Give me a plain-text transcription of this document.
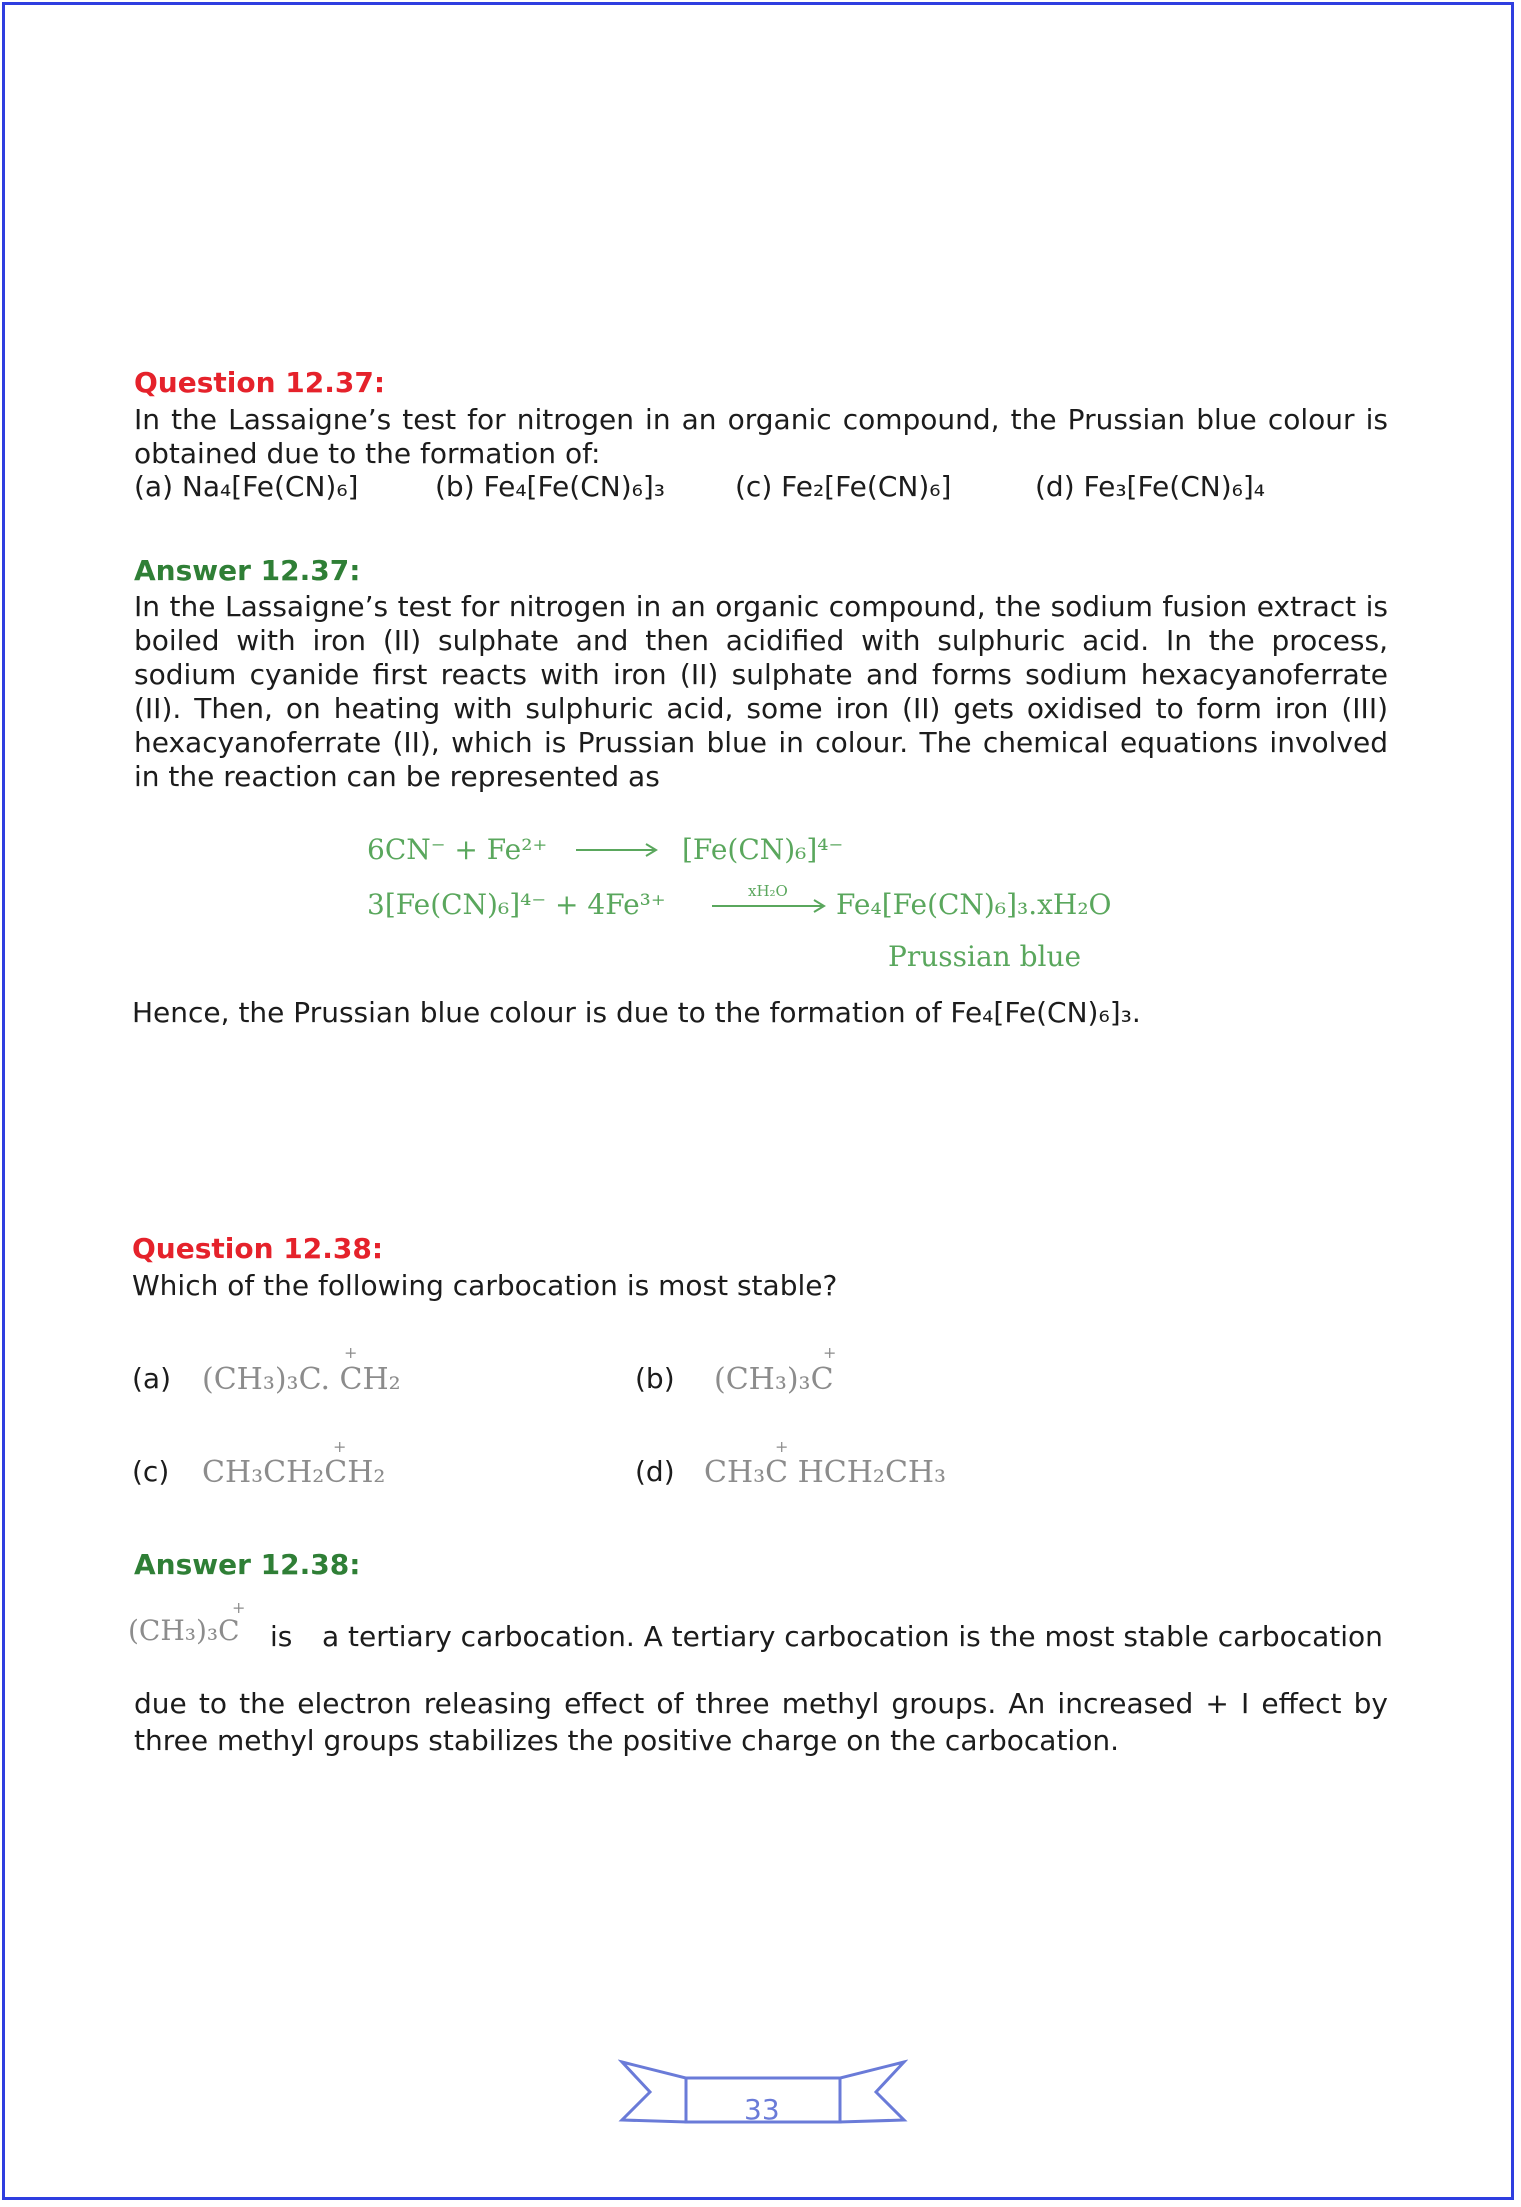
Question 12.37:
In the Lassaigne’s test for nitrogen in an organic compound, the Prussian blue colour is obtained due to the formation of:
(a) Na₄[Fe(CN)₆]	(b) Fe₄[Fe(CN)₆]₃	(c) Fe₂[Fe(CN)₆]	(d) Fe₃[Fe(CN)₆]₄
Answer 12.37:
In the Lassaigne’s test for nitrogen in an organic compound, the sodium fusion extract is boiled with iron (II) sulphate and then acidified with sulphuric acid. In the process, sodium cyanide first reacts with iron (II) sulphate and forms sodium hexacyanoferrate (II). Then, on heating with sulphuric acid, some iron (II) gets oxidised to form iron (III) hexacyanoferrate (II), which is Prussian blue in colour. The chemical equations involved in the reaction can be represented as
6CN⁻ + Fe²⁺	[Fe(CN)₆]⁴⁻
3[Fe(CN)₆]⁴⁻ + 4Fe³⁺	xH₂O Fe₄[Fe(CN)₆]₃.xH₂O
Prussian blue
Hence, the Prussian blue colour is due to the formation of Fe₄[Fe(CN)₆]₃.
Question 12.38:
Which of the following carbocation is most stable?
(a) (CH₃)₃C. CH₂	(b) (CH₃)₃C
(c) CH₃CH₂CH₂	(d) CH₃C HCH₂CH₃
+	+
+	+
Answer 12.38:
(CH₃)₃C
+
is a tertiary carbocation. A tertiary carbocation is the most stable carbocation
due to the electron releasing effect of three methyl groups. An increased + I effect by three methyl groups stabilizes the positive charge on the carbocation.
33
